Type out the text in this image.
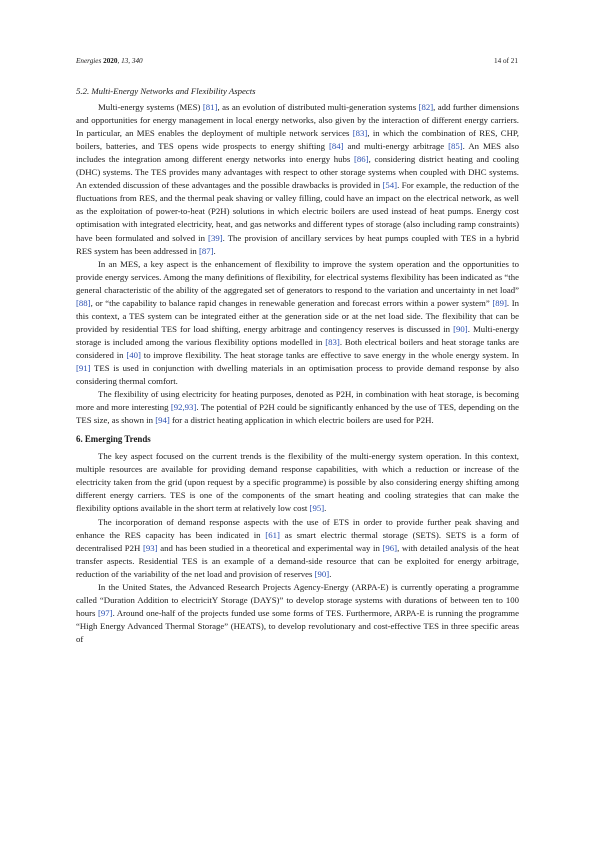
Energies 2020, 13, 340	14 of 21
5.2. Multi-Energy Networks and Flexibility Aspects

Multi-energy systems (MES) [81], as an evolution of distributed multi-generation systems [82], add further dimensions and opportunities for energy management in local energy networks, also given by the interaction of different energy carriers. In particular, an MES enables the deployment of multiple network services [83], in which the combination of RES, CHP, boilers, batteries, and TES opens wide prospects to energy shifting [84] and multi-energy arbitrage [85]. An MES also includes the integration among different energy networks into energy hubs [86], considering district heating and cooling (DHC) systems. The TES provides many advantages with respect to other storage systems when coupled with DHC systems. An extended discussion of these advantages and the possible drawbacks is provided in [54]. For example, the reduction of the fluctuations from RES, and the thermal peak shaving or valley filling, could have an impact on the electrical network, as well as the exploitation of power-to-heat (P2H) solutions in which electric boilers are used instead of heat pumps. Energy cost optimisation with integrated electricity, heat, and gas networks and different types of storage (also including ramp constraints) have been formulated and solved in [39]. The provision of ancillary services by heat pumps coupled with TES in a hybrid RES system has been addressed in [87].

In an MES, a key aspect is the enhancement of flexibility to improve the system operation and the opportunities to provide energy services. Among the many definitions of flexibility, for electrical systems flexibility has been indicated as “the general characteristic of the ability of the aggregated set of generators to respond to the variation and uncertainty in net load” [88], or “the capability to balance rapid changes in renewable generation and forecast errors within a power system” [89]. In this context, a TES system can be integrated either at the generation side or at the net load side. The flexibility that can be provided by residential TES for load shifting, energy arbitrage and contingency reserves is discussed in [90]. Multi-energy storage is included among the various flexibility options modelled in [83]. Both electrical boilers and heat storage tanks are considered in [40] to improve flexibility. The heat storage tanks are effective to save energy in the whole energy system. In [91] TES is used in conjunction with dwelling materials in an optimisation process to provide demand response by also considering thermal comfort.

The flexibility of using electricity for heating purposes, denoted as P2H, in combination with heat storage, is becoming more and more interesting [92,93]. The potential of P2H could be significantly enhanced by the use of TES, depending on the TES size, as shown in [94] for a district heating application in which electric boilers are used for P2H.

6. Emerging Trends

The key aspect focused on the current trends is the flexibility of the multi-energy system operation. In this context, multiple resources are available for providing demand response capabilities, with which a reduction or increase of the electricity taken from the grid (upon request by a specific programme) is possible by also considering energy shifting among different energy carriers. TES is one of the components of the smart heating and cooling strategies that can make the flexibility options available in the short term at relatively low cost [95].

The incorporation of demand response aspects with the use of ETS in order to provide further peak shaving and enhance the RES capacity has been indicated in [61] as smart electric thermal storage (SETS). SETS is a form of decentralised P2H [93] and has been studied in a theoretical and experimental way in [96], with detailed analysis of the heat transfer aspects. Residential TES is an example of a demand-side resource that can be exploited for energy arbitrage, reduction of the variability of the net load and provision of reserves [90].

In the United States, the Advanced Research Projects Agency-Energy (ARPA-E) is currently operating a programme called “Duration Addition to electricitY Storage (DAYS)” to develop storage systems with durations of between ten to 100 hours [97]. Around one-half of the projects funded use some forms of TES. Furthermore, ARPA-E is running the programme “High Energy Advanced Thermal Storage” (HEATS), to develop revolutionary and cost-effective TES in three specific areas of
